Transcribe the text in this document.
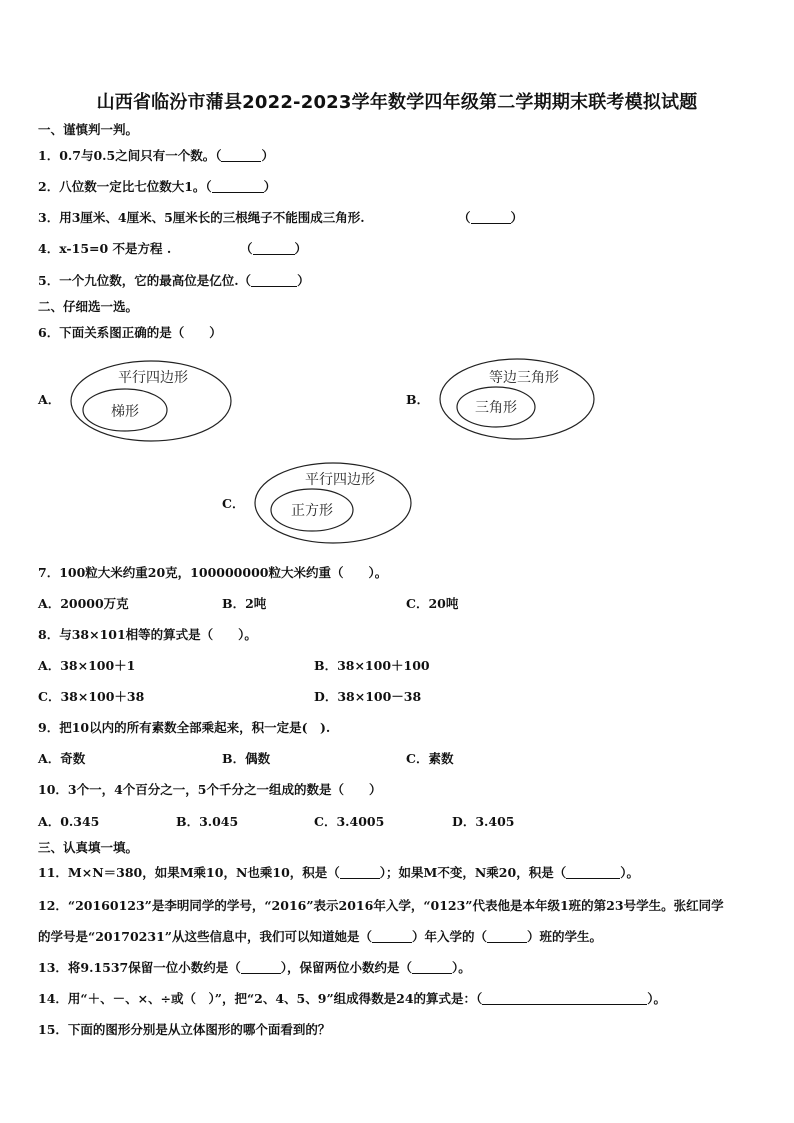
山西省临汾市蒲县2022-2023学年数学四年级第二学期期末联考模拟试题
一、谨慎判一判。
1．0.7与0.5之间只有一个数。（	）
2．八位数一定比七位数大1。（	）
3．用3厘米、4厘米、5厘米长的三根绳子不能围成三角形.	（	）
4．x-15=0 不是方程 .	（	）
5．一个九位数，它的最高位是亿位.（	）
二、仔细选一选。
6．下面关系图正确的是（　　）
A．
平行四边形
梯形
B．
等边三角形
三角形
C．
平行四边形
正方形
7．100粒大米约重20克，100000000粒大米约重（　　）。
A．20000万克	B．2吨	C．20吨
8．与38×101相等的算式是（　　）。
A．38×100＋1	B．38×100＋100
C．38×100＋38	D．38×100－38
9．把10以内的所有素数全部乘起来，积一定是(　).
A．奇数	B．偶数	C．素数
10．3个一，4个百分之一，5个千分之一组成的数是（　　）
A．0.345	B．3.045	C．3.4005	D．3.405
三、认真填一填。
11．M×N＝380，如果M乘10，N也乘10，积是（	）；如果M不变，N乘20，积是（	）。
12．“20160123”是李明同学的学号，“2016”表示2016年入学，“0123”代表他是本年级1班的第23号学生。张红同学
的学号是“20170231”从这些信息中，我们可以知道她是（	）年入学的（	）班的学生。
13．将9.1537保留一位小数约是（	），保留两位小数约是（	）。
14．用“＋、－、×、÷或（　）”，把“2、4、5、9”组成得数是24的算式是：（	）。
15．下面的图形分别是从立体图形的哪个面看到的？
